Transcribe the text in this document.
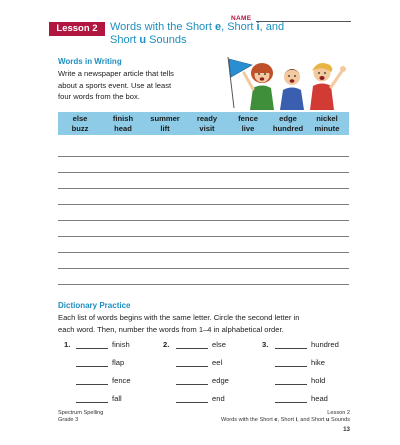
NAME
Lesson 2	Words with the Short e, Short i, and
Short u Sounds
Words in Writing
Write a newspaper article that tells
about a sports event. Use at least
four words from the box.
else	finish	summer	ready	fence	edge	nickel
buzz	head	lift	visit	live	hundred	minute
Dictionary Practice
Each list of words begins with the same letter. Circle the second letter in
each word. Then, number the words from 1–4 in alphabetical order.
1.	finish
flap
fence
fall
2.	else
eel
edge
end
3.	hundred
hike
hold
head
Spectrum Spelling
Grade 3
Lesson 2
Words with the Short e, Short i, and Short u Sounds
13
